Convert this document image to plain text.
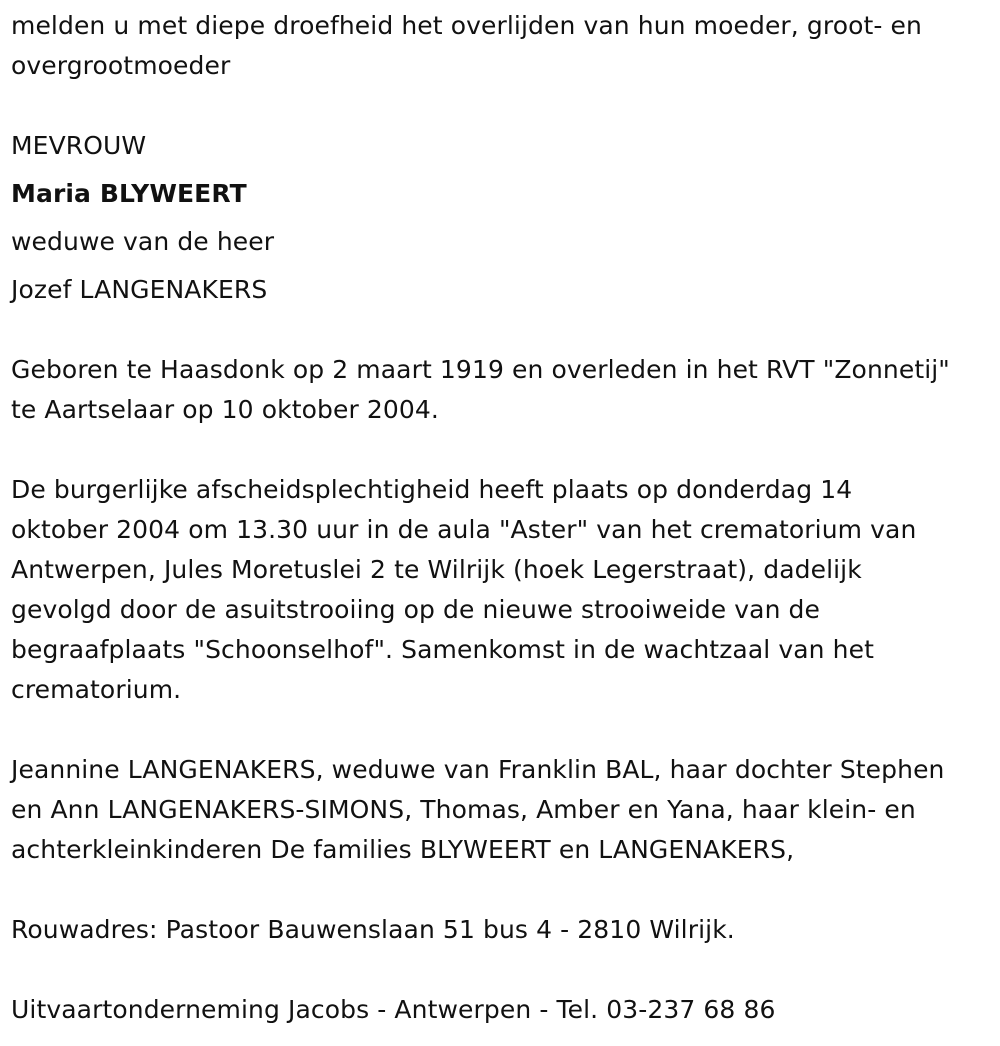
melden u met diepe droefheid het overlijden van hun moeder, groot- en
overgrootmoeder
MEVROUW
Maria BLYWEERT
weduwe van de heer
Jozef LANGENAKERS
Geboren te Haasdonk op 2 maart 1919 en overleden in het RVT "Zonnetij"
te Aartselaar op 10 oktober 2004.
De burgerlijke afscheidsplechtigheid heeft plaats op donderdag 14
oktober 2004 om 13.30 uur in de aula "Aster" van het crematorium van
Antwerpen, Jules Moretuslei 2 te Wilrijk (hoek Legerstraat), dadelijk
gevolgd door de asuitstrooiing op de nieuwe strooiweide van de
begraafplaats "Schoonselhof". Samenkomst in de wachtzaal van het
crematorium.
Jeannine LANGENAKERS, weduwe van Franklin BAL, haar dochter Stephen
en Ann LANGENAKERS-SIMONS, Thomas, Amber en Yana, haar klein- en
achterkleinkinderen De families BLYWEERT en LANGENAKERS,
Rouwadres: Pastoor Bauwenslaan 51 bus 4 - 2810 Wilrijk.
Uitvaartonderneming Jacobs - Antwerpen - Tel. 03-237 68 86
